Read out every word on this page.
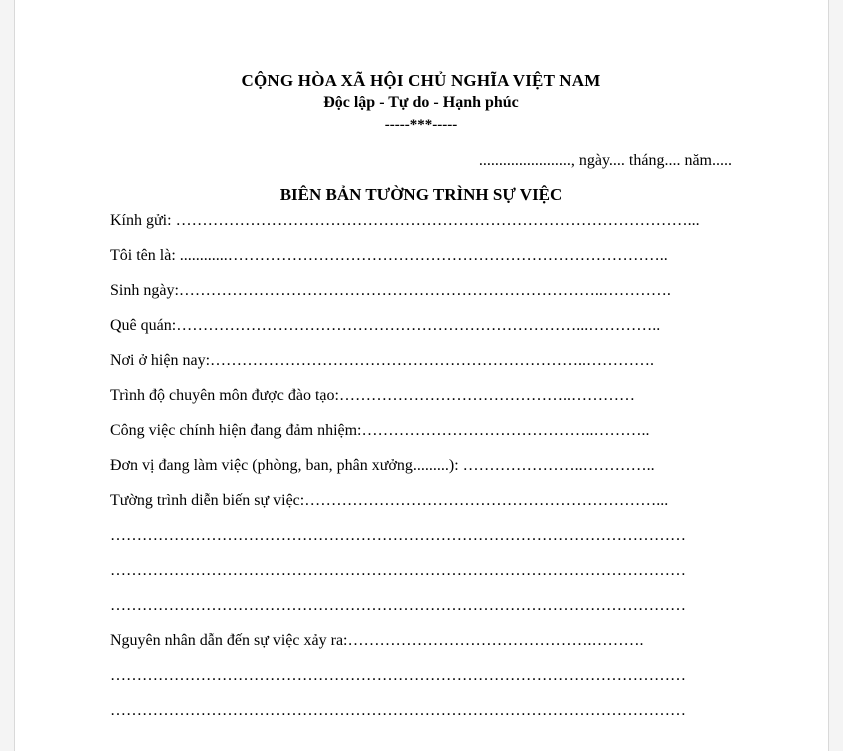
CỘNG HÒA XÃ HỘI CHỦ NGHĨA VIỆT NAM
Độc lập - Tự do - Hạnh phúc
-----***-----
......................., ngày.... tháng.... năm.....
BIÊN BẢN TƯỜNG TRÌNH SỰ VIỆC
Kính gửi: ……………………………………………………………………………………...
Tôi tên là: ............………………………………………………………………………..
Sinh ngày:……………………………………………………………………..………….
Quê quán:…………………………………………………………………...…………..
Nơi ở hiện nay:……………………………………………………………..………….
Trình độ chuyên môn được đào tạo:……………………………………..…………
Công việc chính hiện đang đảm nhiệm:……………………………………..………..
Đơn vị đang làm việc (phòng, ban, phân xưởng.........): …………………..…………..
Tường trình diễn biến sự việc:…………………………………………………………...
………………………………………………………………………………………………
………………………………………………………………………………………………
………………………………………………………………………………………………
Nguyên nhân dẫn đến sự việc xảy ra:……………………………………….……….
………………………………………………………………………………………………
………………………………………………………………………………………………
